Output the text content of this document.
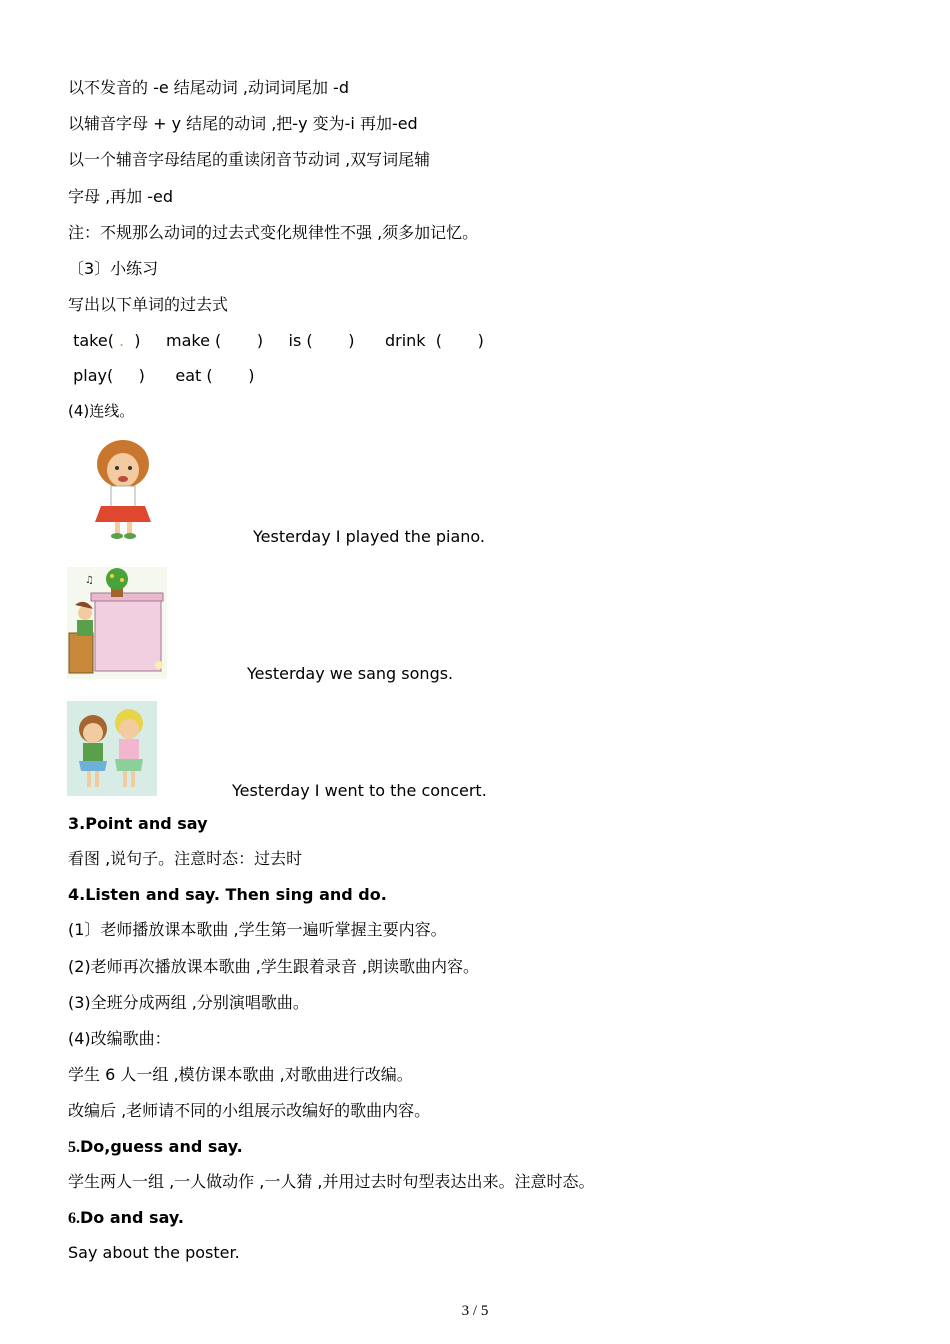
以不发音的 -e 结尾动词 ,动词词尾加 -d
以辅音字母 + y 结尾的动词 ,把-y 变为-i 再加-ed
以一个辅音字母结尾的重读闭音节动词 ,双写词尾辅
字母 ,再加 -ed
注：不规那么动词的过去式变化规律性不强 ,须多加记忆。
〔3〕小练习
写出以下单词的过去式
take( .  )     make (       )     is (       )      drink  (       )
play(     )      eat (       )
(4)连线。
Yesterday I played the piano.
♫
Yesterday we sang songs.
Yesterday I went to the concert.
3.Point and say
看图 ,说句子。注意时态：过去时
4.Listen and say. Then sing and do.
(1〕老师播放课本歌曲 ,学生第一遍听掌握主要内容。
(2)老师再次播放课本歌曲 ,学生跟着录音 ,朗读歌曲内容。
(3)全班分成两组 ,分别演唱歌曲。
(4)改编歌曲：
学生 6 人一组 ,模仿课本歌曲 ,对歌曲进行改编。
改编后 ,老师请不同的小组展示改编好的歌曲内容。
5.Do,guess and say.
学生两人一组 ,一人做动作 ,一人猜 ,并用过去时句型表达出来。注意时态。
6.Do and say.
Say about the poster.
3 / 5
